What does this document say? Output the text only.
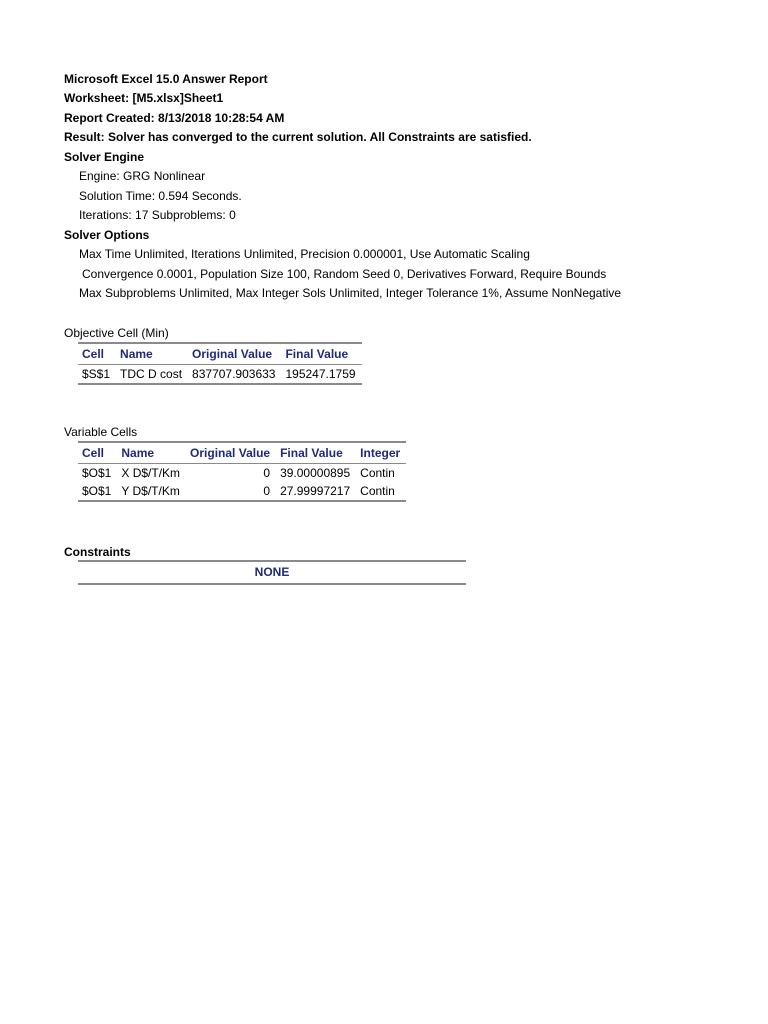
Microsoft Excel 15.0 Answer Report
Worksheet: [M5.xlsx]Sheet1
Report Created: 8/13/2018 10:28:54 AM
Result: Solver has converged to the current solution. All Constraints are satisfied.
Solver Engine
Engine: GRG Nonlinear
Solution Time: 0.594 Seconds.
Iterations: 17 Subproblems: 0
Solver Options
Max Time Unlimited, Iterations Unlimited, Precision 0.000001, Use Automatic Scaling
Convergence 0.0001, Population Size 100, Random Seed 0, Derivatives Forward, Require Bounds
Max Subproblems Unlimited, Max Integer Sols Unlimited, Integer Tolerance 1%, Assume NonNegative
Objective Cell (Min)
Cell	Name	Original Value	Final Value
$S$1	TDC D cost	837707.903633	195247.1759
Variable Cells
Cell	Name	Original Value	Final Value	Integer
$O$1	X D$/T/Km	0	39.00000895	Contin
$O$1	Y D$/T/Km	0	27.99997217	Contin
Constraints
NONE
